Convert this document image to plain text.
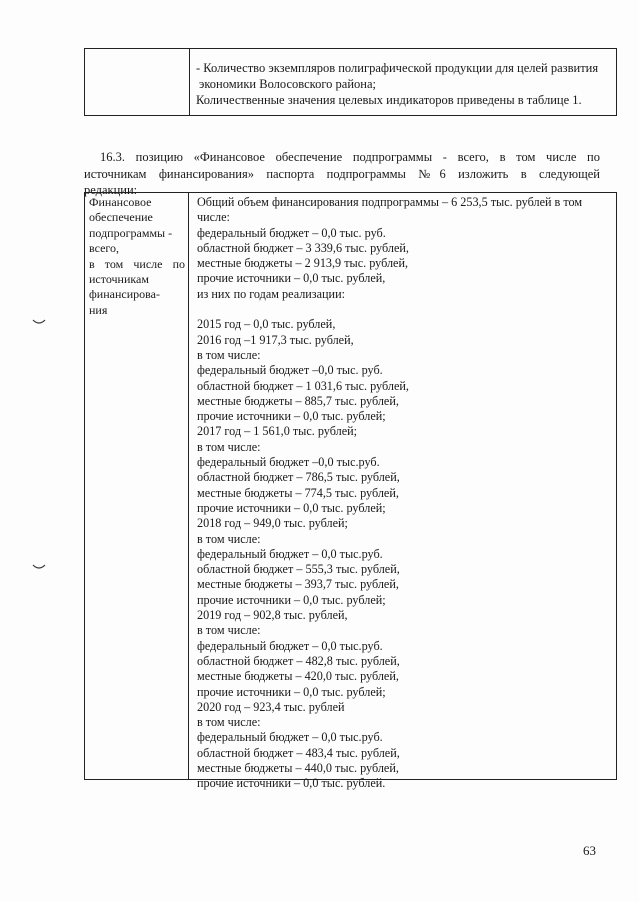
- Количество экземпляров полиграфической продукции для целей развития
экономики Волосовского района;
Количественные значения целевых индикаторов приведены в таблице 1.
16.3. позицию «Финансовое обеспечение подпрограммы - всего, в том числе по
источникам финансирования» паспорта подпрограммы №6 изложить в следующей
редакции:
Финансовое
обеспечение
подпрограммы -
всего,
в том числе по
источникам
финансирова-
ния
Общий объем финансирования подпрограммы – 6 253,5 тыс. рублей в том
числе:
федеральный бюджет – 0,0 тыс. руб.
областной бюджет – 3 339,6 тыс. рублей,
местные бюджеты – 2 913,9 тыс. рублей,
прочие источники – 0,0 тыс. рублей,
из них по годам реализации:
2015 год – 0,0 тыс. рублей,
2016 год –1 917,3 тыс. рублей,
в том числе:
федеральный бюджет –0,0 тыс. руб.
областной бюджет – 1 031,6 тыс. рублей,
местные бюджеты – 885,7 тыс. рублей,
прочие источники – 0,0 тыс. рублей;
2017 год – 1 561,0 тыс. рублей;
в том числе:
федеральный бюджет –0,0 тыс.руб.
областной бюджет – 786,5 тыс. рублей,
местные бюджеты – 774,5 тыс. рублей,
прочие источники – 0,0 тыс. рублей;
2018 год – 949,0 тыс. рублей;
в том числе:
федеральный бюджет – 0,0 тыс.руб.
областной бюджет – 555,3 тыс. рублей,
местные бюджеты – 393,7 тыс. рублей,
прочие источники – 0,0 тыс. рублей;
2019 год – 902,8 тыс. рублей,
в том числе:
федеральный бюджет – 0,0 тыс.руб.
областной бюджет – 482,8 тыс. рублей,
местные бюджеты – 420,0 тыс. рублей,
прочие источники – 0,0 тыс. рублей;
2020 год – 923,4 тыс. рублей
в том числе:
федеральный бюджет – 0,0 тыс.руб.
областной бюджет – 483,4 тыс. рублей,
местные бюджеты – 440,0 тыс. рублей,
прочие источники – 0,0 тыс. рублей.
63
